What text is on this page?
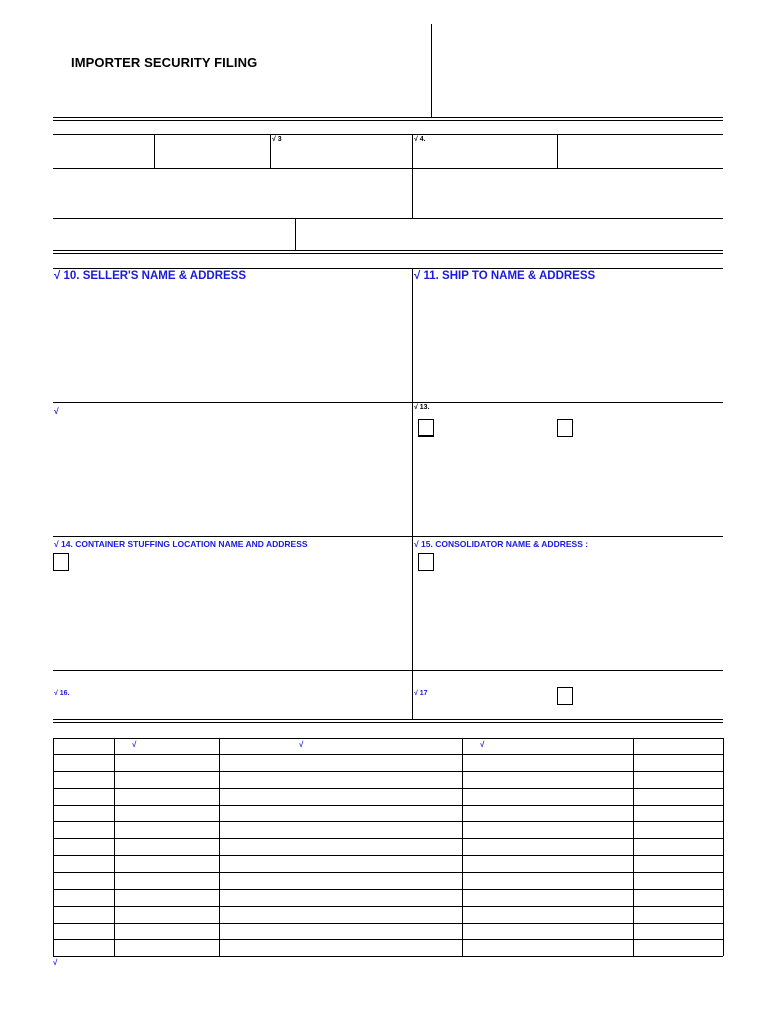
IMPORTER SECURITY FILING
√ 3	√ 4.
√ 10. SELLER'S NAME & ADDRESS	√ 11. SHIP TO NAME & ADDRESS
√	√ 13.
√ 14. CONTAINER STUFFING LOCATION NAME AND ADDRESS	√ 15. CONSOLIDATOR NAME & ADDRESS :
√ 16.	√ 17
√	√	√
√
